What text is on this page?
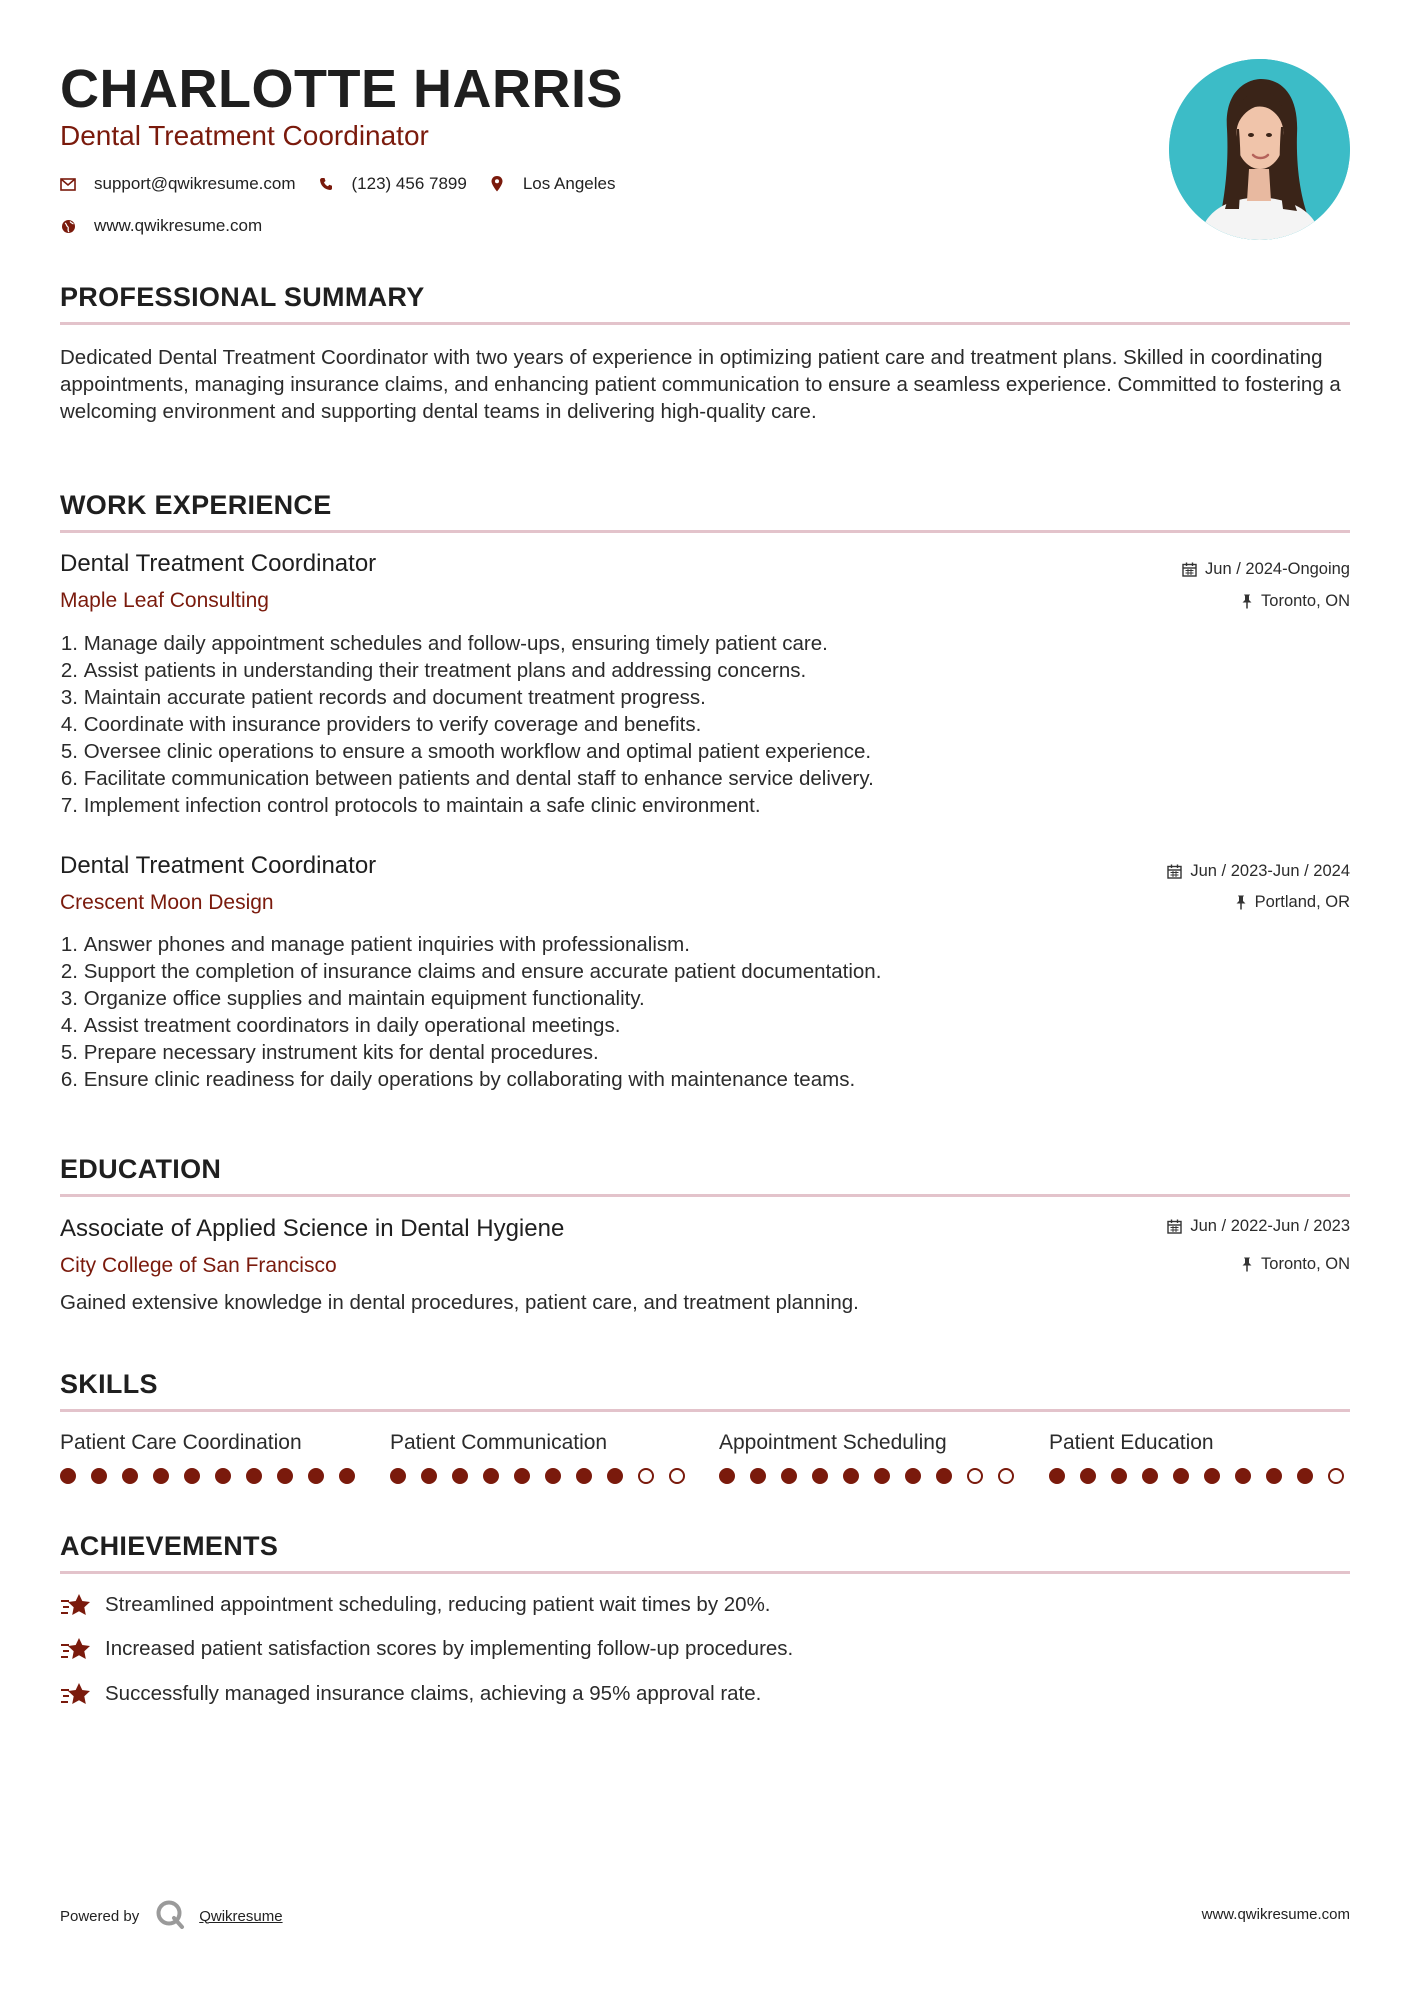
CHARLOTTE HARRIS
Dental Treatment Coordinator
support@qwikresume.com	(123) 456 7899	Los Angeles
www.qwikresume.com
PROFESSIONAL SUMMARY
Dedicated Dental Treatment Coordinator with two years of experience in optimizing patient care and treatment plans. Skilled in coordinating appointments, managing insurance claims, and enhancing patient communication to ensure a seamless experience. Committed to fostering a welcoming environment and supporting dental teams in delivering high-quality care.
WORK EXPERIENCE
Dental Treatment Coordinator
Maple Leaf Consulting
Jun / 2024-Ongoing
Toronto, ON
1.
Manage daily appointment schedules and follow-ups, ensuring timely patient care.
2.
Assist patients in understanding their treatment plans and addressing concerns.
3.
Maintain accurate patient records and document treatment progress.
4.
Coordinate with insurance providers to verify coverage and benefits.
5.
Oversee clinic operations to ensure a smooth workflow and optimal patient experience.
6.
Facilitate communication between patients and dental staff to enhance service delivery.
7.
Implement infection control protocols to maintain a safe clinic environment.
Dental Treatment Coordinator
Crescent Moon Design
Jun / 2023-Jun / 2024
Portland, OR
1.
Answer phones and manage patient inquiries with professionalism.
2.
Support the completion of insurance claims and ensure accurate patient documentation.
3.
Organize office supplies and maintain equipment functionality.
4.
Assist treatment coordinators in daily operational meetings.
5.
Prepare necessary instrument kits for dental procedures.
6.
Ensure clinic readiness for daily operations by collaborating with maintenance teams.
EDUCATION
Associate of Applied Science in Dental Hygiene
City College of San Francisco
Jun / 2022-Jun / 2023
Toronto, ON
Gained extensive knowledge in dental procedures, patient care, and treatment planning.
SKILLS
Patient Care Coordination	Patient Communication	Appointment Scheduling	Patient Education
ACHIEVEMENTS
Streamlined appointment scheduling, reducing patient wait times by 20%.
Increased patient satisfaction scores by implementing follow-up procedures.
Successfully managed insurance claims, achieving a 95% approval rate.
Powered by	Qwikresume	www.qwikresume.com
